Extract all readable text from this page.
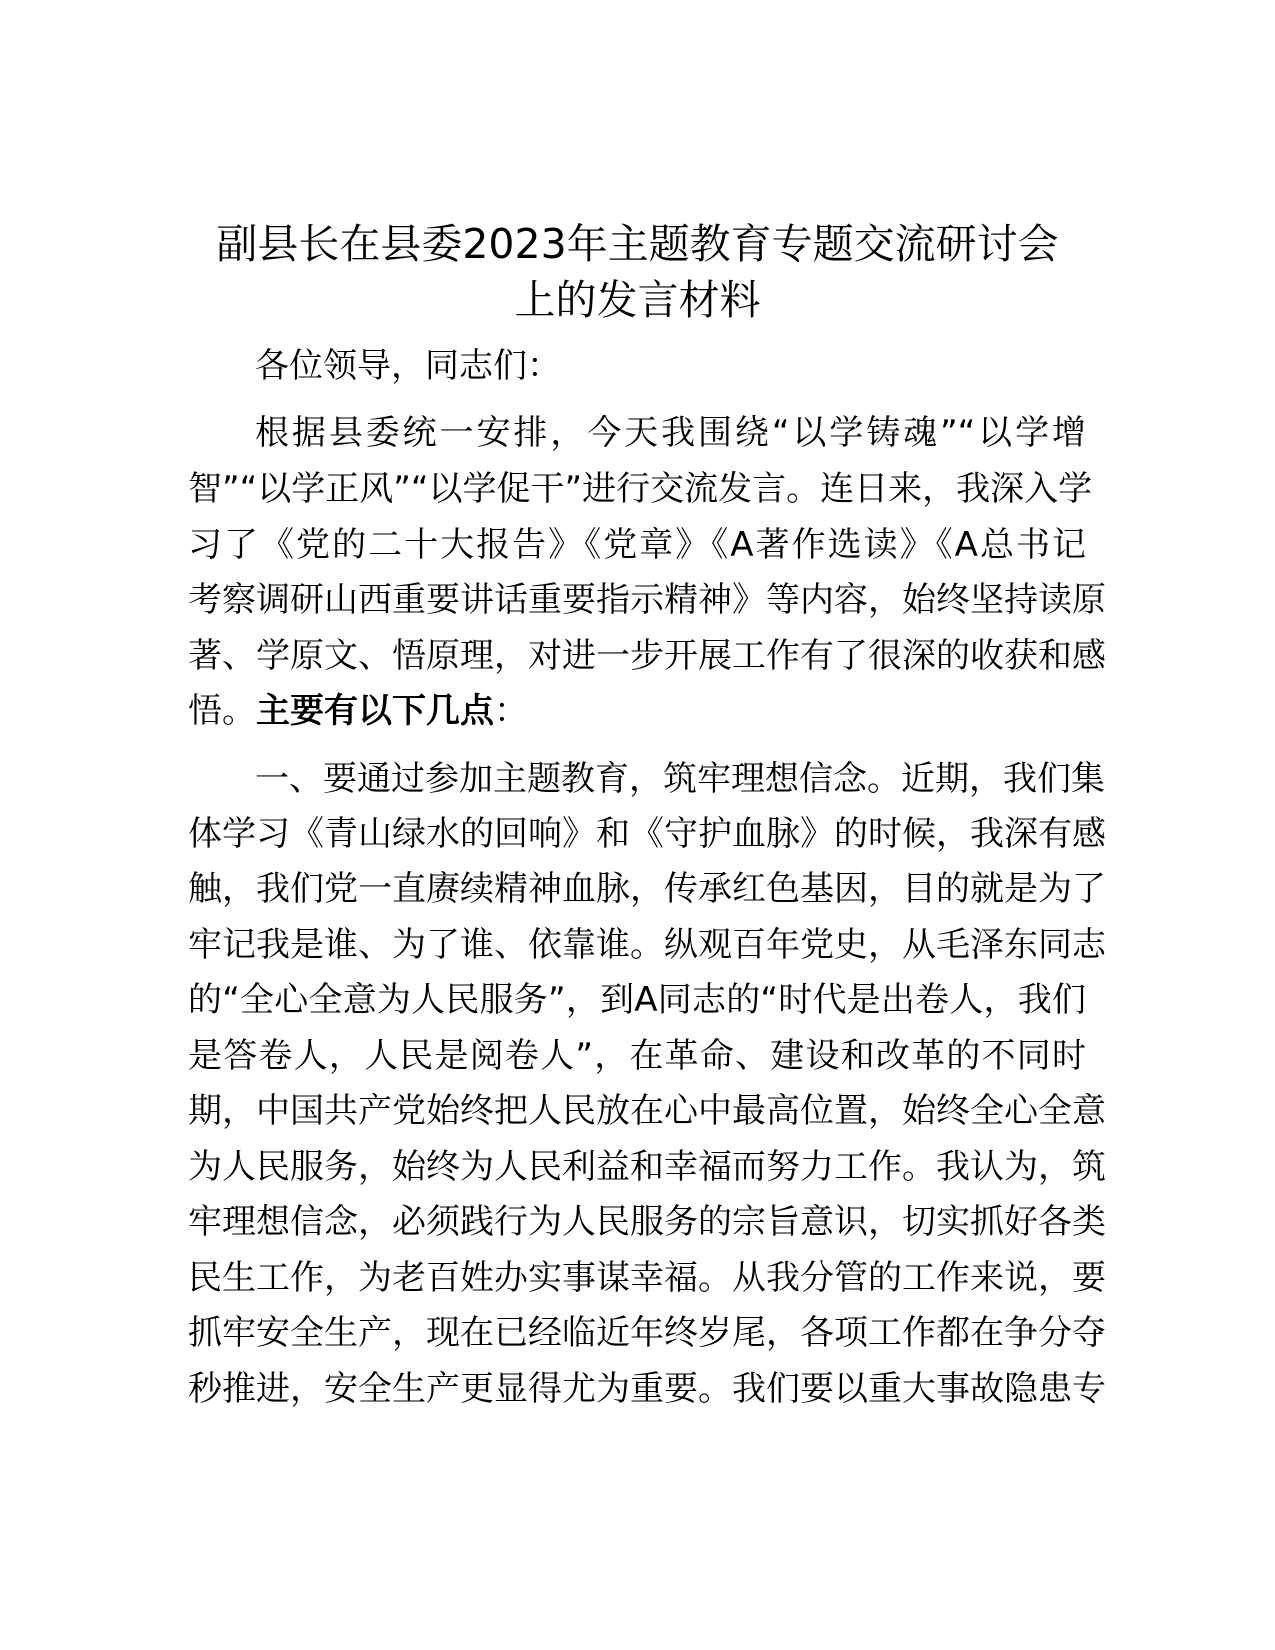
副县长在县委2023年主题教育专题交流研讨会
上的发言材料

各位领导，同志们：

根据县委统一安排，今天我围绕“以学铸魂”“以学增

智”“以学正风”“以学促干”进行交流发言。连日来，我深入学

习了《党的二十大报告》《党章》《A著作选读》《A总书记

考察调研山西重要讲话重要指示精神》等内容，始终坚持读原

著、学原文、悟原理，对进一步开展工作有了很深的收获和感

悟。主要有以下几点：

一、要通过参加主题教育，筑牢理想信念。近期，我们集

体学习《青山绿水的回响》和《守护血脉》的时候，我深有感

触，我们党一直赓续精神血脉，传承红色基因，目的就是为了

牢记我是谁、为了谁、依靠谁。纵观百年党史，从毛泽东同志

的“全心全意为人民服务”，到A同志的“时代是出卷人，我们

是答卷人，人民是阅卷人”，在革命、建设和改革的不同时

期，中国共产党始终把人民放在心中最高位置，始终全心全意

为人民服务，始终为人民利益和幸福而努力工作。我认为，筑

牢理想信念，必须践行为人民服务的宗旨意识，切实抓好各类

民生工作，为老百姓办实事谋幸福。从我分管的工作来说，要

抓牢安全生产，现在已经临近年终岁尾，各项工作都在争分夺

秒推进，安全生产更显得尤为重要。我们要以重大事故隐患专
